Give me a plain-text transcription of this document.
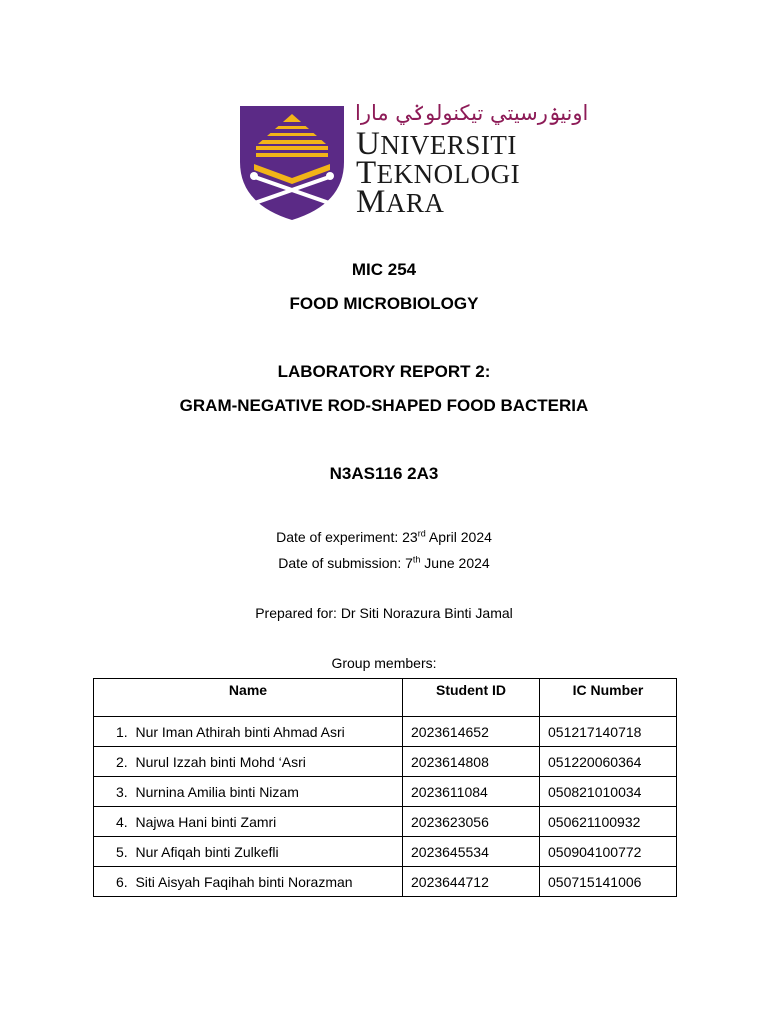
اونيۏرسيتي تيكنولوݢي مارا
UNIVERSITI
TEKNOLOGI
MARA
MIC 254
FOOD MICROBIOLOGY
LABORATORY REPORT 2:
GRAM-NEGATIVE ROD-SHAPED FOOD BACTERIA
N3AS116 2A3
Date of experiment: 23rd April 2024
Date of submission: 7th June 2024
Prepared for: Dr Siti Norazura Binti Jamal
Group members:
Name	Student ID	IC Number
1. Nur Iman Athirah binti Ahmad Asri	2023614652	051217140718
2. Nurul Izzah binti Mohd ‘Asri	2023614808	051220060364
3. Nurnina Amilia binti Nizam	2023611084	050821010034
4. Najwa Hani binti Zamri	2023623056	050621100932
5. Nur Afiqah binti Zulkefli	2023645534	050904100772
6. Siti Aisyah Faqihah binti Norazman	2023644712	050715141006
